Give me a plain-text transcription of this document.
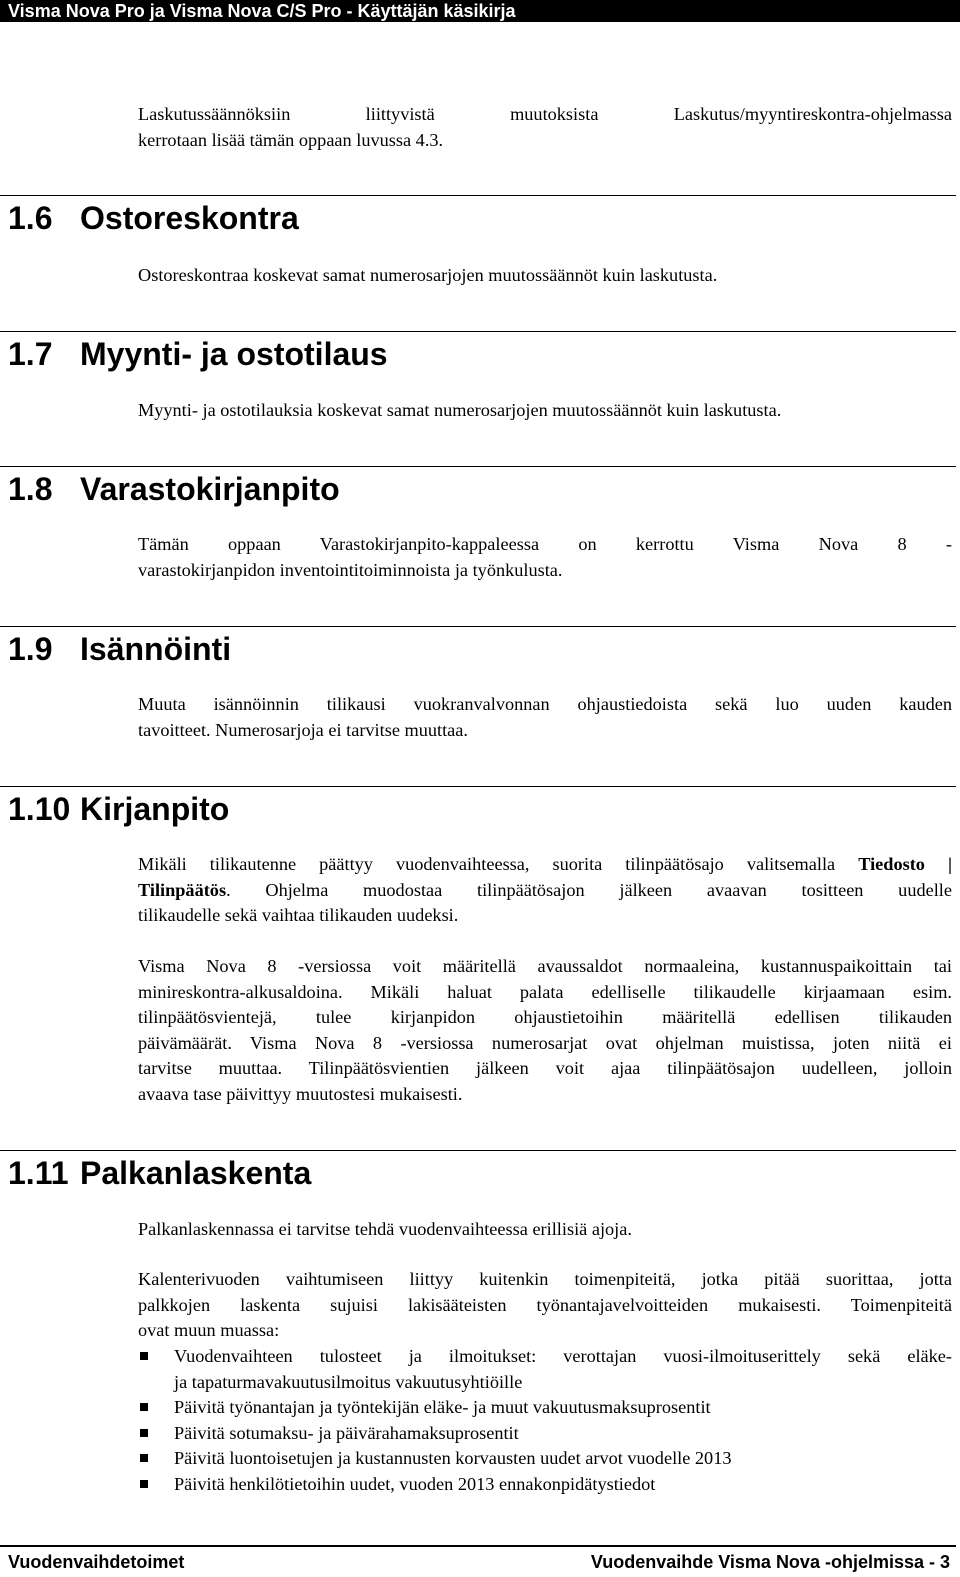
Visma Nova Pro ja Visma Nova C/S Pro - Käyttäjän käsikirja

Laskutussäännöksiin liittyvistä muutoksista Laskutus/myyntireskontra-ohjelmassa
kerrotaan lisää tämän oppaan luvussa 4.3.

1.6 Ostoreskontra

Ostoreskontraa koskevat samat numerosarjojen muutossäännöt kuin laskutusta.

1.7 Myynti- ja ostotilaus

Myynti- ja ostotilauksia koskevat samat numerosarjojen muutossäännöt kuin laskutusta.

1.8 Varastokirjanpito

Tämän oppaan Varastokirjanpito-kappaleessa on kerrottu Visma Nova 8 -
varastokirjanpidon inventointitoiminnoista ja työnkulusta.

1.9 Isännöinti

Muuta isännöinnin tilikausi vuokranvalvonnan ohjaustiedoista sekä luo uuden kauden
tavoitteet. Numerosarjoja ei tarvitse muuttaa.

1.10 Kirjanpito

Mikäli tilikautenne päättyy vuodenvaihteessa, suorita tilinpäätösajo valitsemalla Tiedosto |
Tilinpäätös. Ohjelma muodostaa tilinpäätösajon jälkeen avaavan tositteen uudelle
tilikaudelle sekä vaihtaa tilikauden uudeksi.

Visma Nova 8 -versiossa voit määritellä avaussaldot normaaleina, kustannuspaikoittain tai
minireskontra-alkusaldoina. Mikäli haluat palata edelliselle tilikaudelle kirjaamaan esim.
tilinpäätösvientejä, tulee kirjanpidon ohjaustietoihin määritellä edellisen tilikauden
päivämäärät. Visma Nova 8 -versiossa numerosarjat ovat ohjelman muistissa, joten niitä ei
tarvitse muuttaa. Tilinpäätösvientien jälkeen voit ajaa tilinpäätösajon uudelleen, jolloin
avaava tase päivittyy muutostesi mukaisesti.

1.11 Palkanlaskenta

Palkanlaskennassa ei tarvitse tehdä vuodenvaihteessa erillisiä ajoja.

Kalenterivuoden vaihtumiseen liittyy kuitenkin toimenpiteitä, jotka pitää suorittaa, jotta
palkkojen laskenta sujuisi lakisääteisten työnantajavelvoitteiden mukaisesti. Toimenpiteitä
ovat muun muassa:

Vuodenvaihteen tulosteet ja ilmoitukset: verottajan vuosi-ilmoituserittely sekä eläke-
ja tapaturmavakuutusilmoitus vakuutusyhtiöille
Päivitä työnantajan ja työntekijän eläke- ja muut vakuutusmaksuprosentit
Päivitä sotumaksu- ja päivärahamaksuprosentit
Päivitä luontoisetujen ja kustannusten korvausten uudet arvot vuodelle 2013
Päivitä henkilötietoihin uudet, vuoden 2013 ennakonpidätystiedot
Vuodenvaihdetoimet	Vuodenvaihde Visma Nova -ohjelmissa - 3
